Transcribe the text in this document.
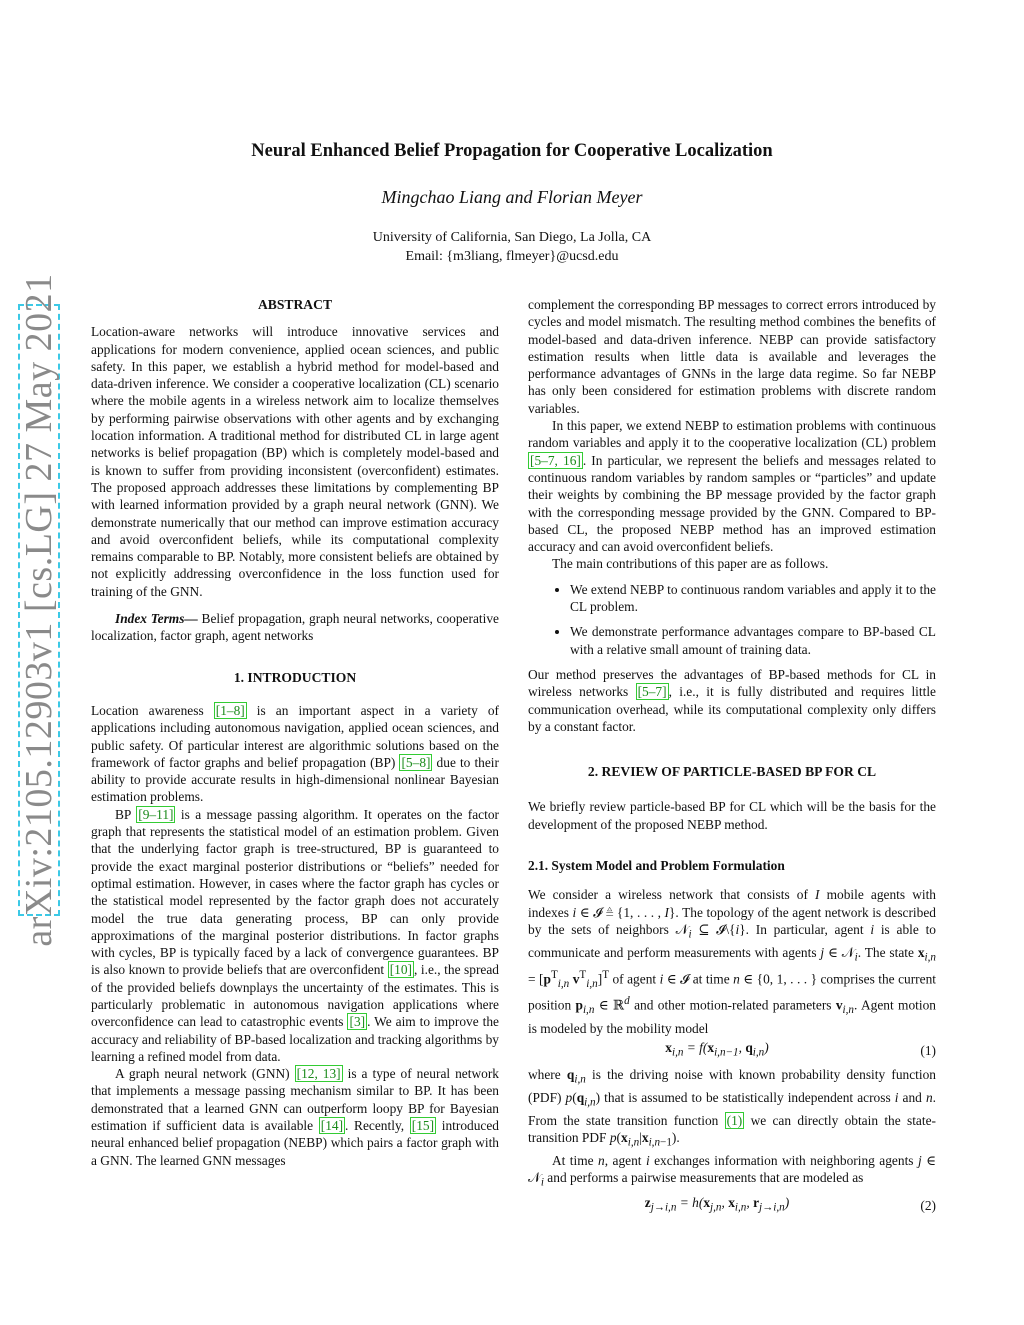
arXiv:2105.12903v1 [cs.LG] 27 May 2021
Neural Enhanced Belief Propagation for Cooperative Localization
Mingchao Liang and Florian Meyer
University of California, San Diego, La Jolla, CA
Email: {m3liang, flmeyer}@ucsd.edu
ABSTRACT

Location-aware networks will introduce innovative services and applications for modern convenience, applied ocean sciences, and public safety. In this paper, we establish a hybrid method for model-based and data-driven inference. We consider a cooperative localization (CL) scenario where the mobile agents in a wireless network aim to localize themselves by performing pairwise observations with other agents and by exchanging location information. A traditional method for distributed CL in large agent networks is belief propagation (BP) which is completely model-based and is known to suffer from providing inconsistent (overconfident) estimates. The proposed approach addresses these limitations by complementing BP with learned information provided by a graph neural network (GNN). We demonstrate numerically that our method can improve estimation accuracy and avoid overconfident beliefs, while its computational complexity remains comparable to BP. Notably, more consistent beliefs are obtained by not explicitly addressing overconfidence in the loss function used for training of the GNN.

Index Terms— Belief propagation, graph neural networks, cooperative localization, factor graph, agent networks

1. INTRODUCTION

Location awareness [1–8] is an important aspect in a variety of applications including autonomous navigation, applied ocean sciences, and public safety. Of particular interest are algorithmic solutions based on the framework of factor graphs and belief propagation (BP) [5–8] due to their ability to provide accurate results in high-dimensional nonlinear Bayesian estimation problems.

BP [9–11] is a message passing algorithm. It operates on the factor graph that represents the statistical model of an estimation problem. Given that the underlying factor graph is tree-structured, BP is guaranteed to provide the exact marginal posterior distributions or “beliefs” needed for optimal estimation. However, in cases where the factor graph has cycles or the statistical model represented by the factor graph does not accurately model the true data generating process, BP can only provide approximations of the marginal posterior distributions. In factor graphs with cycles, BP is typically faced by a lack of convergence guarantees. BP is also known to provide beliefs that are overconfident [10] , i.e., the spread of the provided beliefs downplays the uncertainty of the estimates. This is particularly problematic in autonomous navigation applications where overconfidence can lead to catastrophic events [3] . We aim to improve the accuracy and reliability of BP-based localization and tracking algorithms by learning a refined model from data.

A graph neural network (GNN) [12, 13] is a type of neural network that implements a message passing mechanism similar to BP. It has been demonstrated that a learned GNN can outperform loopy BP for Bayesian estimation if sufficient data is available [14] . Recently, [15] introduced neural enhanced belief propagation (NEBP) which pairs a factor graph with a GNN. The learned GNN messages

complement the corresponding BP messages to correct errors introduced by cycles and model mismatch. The resulting method combines the benefits of model-based and data-driven inference. NEBP can provide satisfactory estimation results when little data is available and leverages the performance advantages of GNNs in the large data regime. So far NEBP has only been considered for estimation problems with discrete random variables.

In this paper, we extend NEBP to estimation problems with continuous random variables and apply it to the cooperative localization (CL) problem [5–7, 16] . In particular, we represent the beliefs and messages related to continuous random variables by random samples or “particles” and update their weights by combining the BP message provided by the factor graph with the corresponding message provided by the GNN. Compared to BP-based CL, the proposed NEBP method has an improved estimation accuracy and can avoid overconfident beliefs.

The main contributions of this paper are as follows.

• We extend NEBP to continuous random variables and apply it to the CL problem.
• We demonstrate performance advantages compare to BP-based CL with a relative small amount of training data.

Our method preserves the advantages of BP-based methods for CL in wireless networks [5–7] , i.e., it is fully distributed and requires little communication overhead, while its computational complexity only differs by a constant factor.

2. REVIEW OF PARTICLE-BASED BP FOR CL

We briefly review particle-based BP for CL which will be the basis for the development of the proposed NEBP method.

2.1. System Model and Problem Formulation

We consider a wireless network that consists of I mobile agents with indexes i ∈ 𝓘 ≜ {1, . . . , I}. The topology of the agent network is described by the sets of neighbors 𝒩$_i$ ⊆ 𝓘\{i}. In particular, agent i is able to communicate and perform measurements with agents j ∈ 𝒩$_i$. The state $x_{i,n} = [p^T_{i,n}$ $v^T_{i,n}]^T$ of agent i ∈ 𝓘 at time n ∈ {0, 1, . . . } comprises the current position $p_{i,n}$ ∈ ℝ$^d$ and other motion-related parameters $v_{i,n}$. Agent motion is modeled by the mobility model

$x_{i,n} = f(x_{i,n-1}$, $q_{i,n}$)	(1)

where $q_{i,n}$ is the driving noise with known probability density function (PDF) $p(q_{i,n})$ that is assumed to be statistically independent across i and n. From the state transition function (1) we can directly obtain the state-transition PDF $p(x_{i,n}|x_{i,n-1})$.

At time n, agent i exchanges information with neighboring agents j ∈ 𝒩$_i$ and performs a pairwise measurements that are modeled as

$z_{j\to i,n} = h(x_{j,n}$, $x_{i,n}$, $r_{j\to i,n}$)	(2)
